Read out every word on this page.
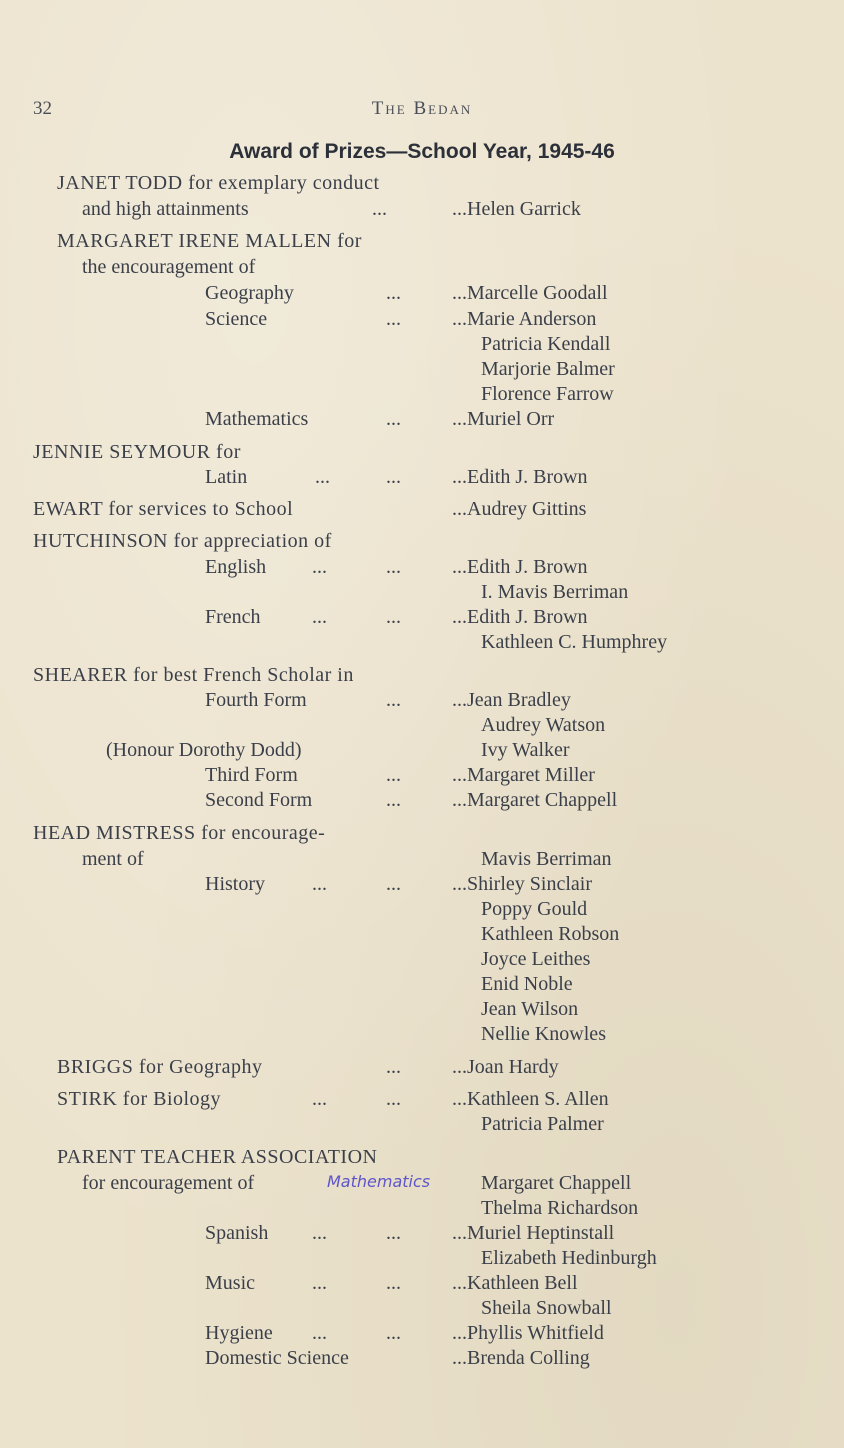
32	The Bedan
Award of Prizes—School Year, 1945-46
JANET TODD for exemplary conduct
and high attainments	...	...Helen Garrick
MARGARET IRENE MALLEN for
the encouragement of
Geography	...	...Marcelle Goodall
Science	...	...Marie Anderson
Patricia Kendall
Marjorie Balmer
Florence Farrow
Mathematics	...	...Muriel Orr
JENNIE SEYMOUR for
Latin	...	...	...Edith J. Brown
EWART for services to School	...Audrey Gittins
HUTCHINSON for appreciation of
English ...	...	...Edith J. Brown
I. Mavis Berriman
French	...	...	...Edith J. Brown
Kathleen C. Humphrey
SHEARER for best French Scholar in
Fourth Form	...	...Jean Bradley
Audrey Watson
(Honour Dorothy Dodd)	Ivy Walker
Third Form	...	...Margaret Miller
Second Form	...	...Margaret Chappell
HEAD MISTRESS for encourage-
ment of	Mavis Berriman
History ...	...	...Shirley Sinclair
Poppy Gould
Kathleen Robson
Joyce Leithes
Enid Noble
Jean Wilson
Nellie Knowles
BRIGGS for Geography	...	...Joan Hardy
STIRK for Biology	...	...	...Kathleen S. Allen
Patricia Palmer
PARENT TEACHER ASSOCIATION
for encouragement of	Mathematics	Margaret Chappell
Thelma Richardson
Spanish ...	...	...Muriel Heptinstall
Elizabeth Hedinburgh
Music	...	...	...Kathleen Bell
Sheila Snowball
Hygiene ...	...	...Phyllis Whitfield
Domestic Science	...Brenda Colling
